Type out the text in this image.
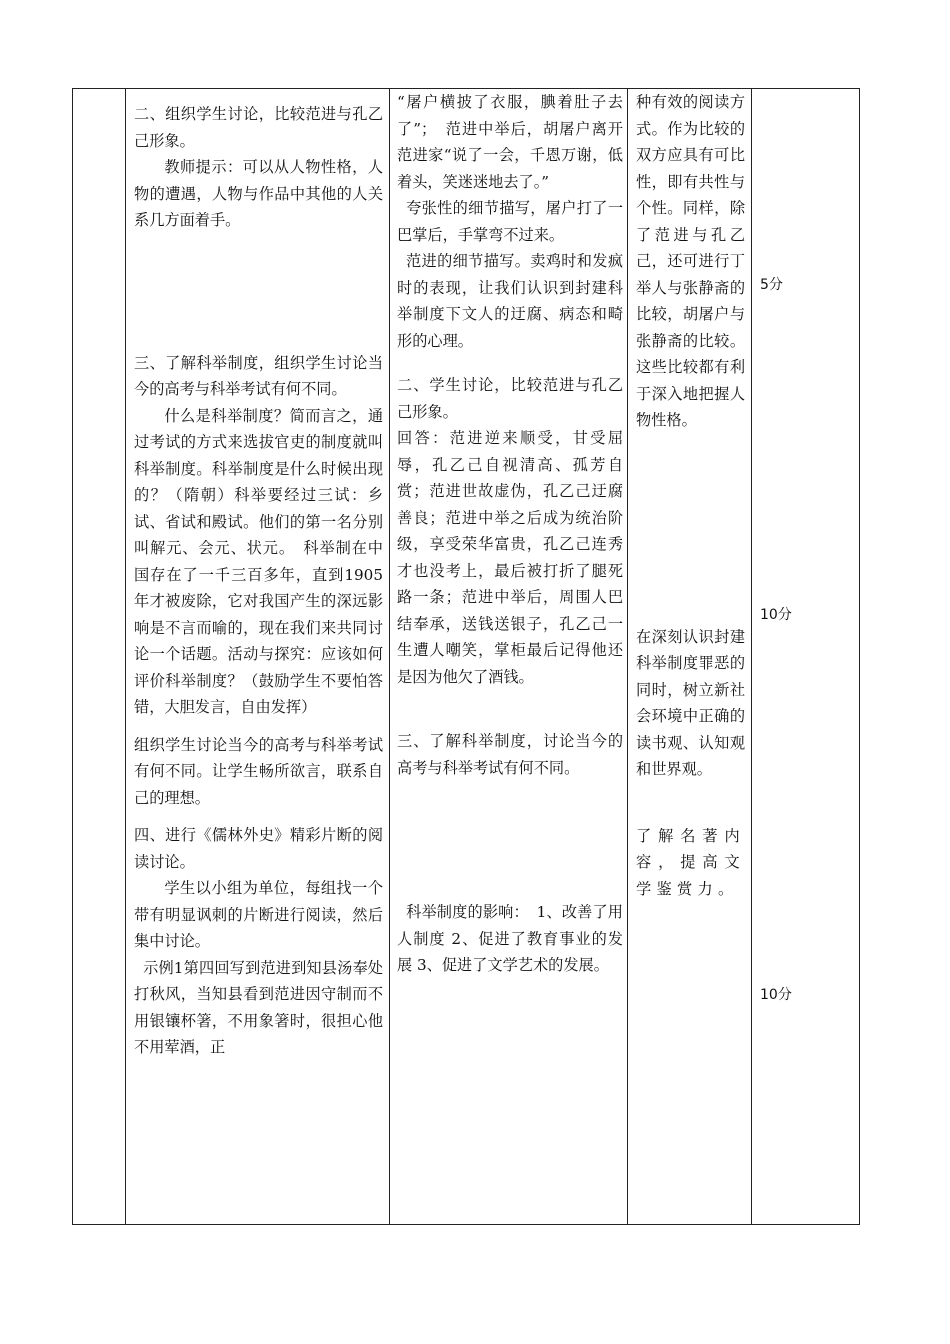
二、组织学生讨论，比较范进与孔乙己形象。

教师提示：可以从人物性格，人物的遭遇，人物与作品中其他的人关系几方面着手。

三、了解科举制度，组织学生讨论当今的高考与科举考试有何不同。

什么是科举制度？简而言之，通过考试的方式来选拔官吏的制度就叫科举制度。科举制度是什么时候出现的？（隋朝）科举要经过三试：乡试、省试和殿试。他们的第一名分别叫解元、会元、状元。　科举制在中国存在了一千三百多年，直到1905年才被废除，它对我国产生的深远影响是不言而喻的，现在我们来共同讨论一个话题。活动与探究：应该如何评价科举制度？（鼓励学生不要怕答错，大胆发言，自由发挥）

组织学生讨论当今的高考与科举考试有何不同。让学生畅所欲言，联系自己的理想。

四、进行《儒林外史》精彩片断的阅读讨论。

学生以小组为单位，每组找一个带有明显讽刺的片断进行阅读，然后集中讨论。

示例1第四回写到范进到知县汤奉处打秋风，当知县看到范进因守制而不用银镶杯箸，不用象箸时，很担心他不用荤酒，正

“屠户横披了衣服，腆着肚子去了”；　范进中举后，胡屠户离开范进家“说了一会，千恩万谢，低着头，笑迷迷地去了。”

夸张性的细节描写，屠户打了一巴掌后，手掌弯不过来。

范进的细节描写。卖鸡时和发疯时的表现，让我们认识到封建科举制度下文人的迂腐、病态和畸形的心理。

二、学生讨论，比较范进与孔乙己形象。

回答：范进逆来顺受，甘受屈辱，孔乙己自视清高、孤芳自赏；范进世故虚伪，孔乙己迂腐善良；范进中举之后成为统治阶级，享受荣华富贵，孔乙己连秀才也没考上，最后被打折了腿死路一条；范进中举后，周围人巴结奉承，送钱送银子，孔乙己一生遭人嘲笑，掌柜最后记得他还是因为他欠了酒钱。

三、了解科举制度，讨论当今的高考与科举考试有何不同。

科举制度的影响：　1、改善了用人制度 2、促进了教育事业的发展 3、促进了文学艺术的发展。

种有效的阅读方式。作为比较的双方应具有可比性，即有共性与个性。同样，除了范进与孔乙己，还可进行丁举人与张静斋的比较，胡屠户与张静斋的比较。这些比较都有利于深入地把握人物性格。

在深刻认识封建科举制度罪恶的同时，树立新社会环境中正确的读书观、认知观和世界观。

了解名著内容，提高文学鉴赏力。

5分

10分

10分
